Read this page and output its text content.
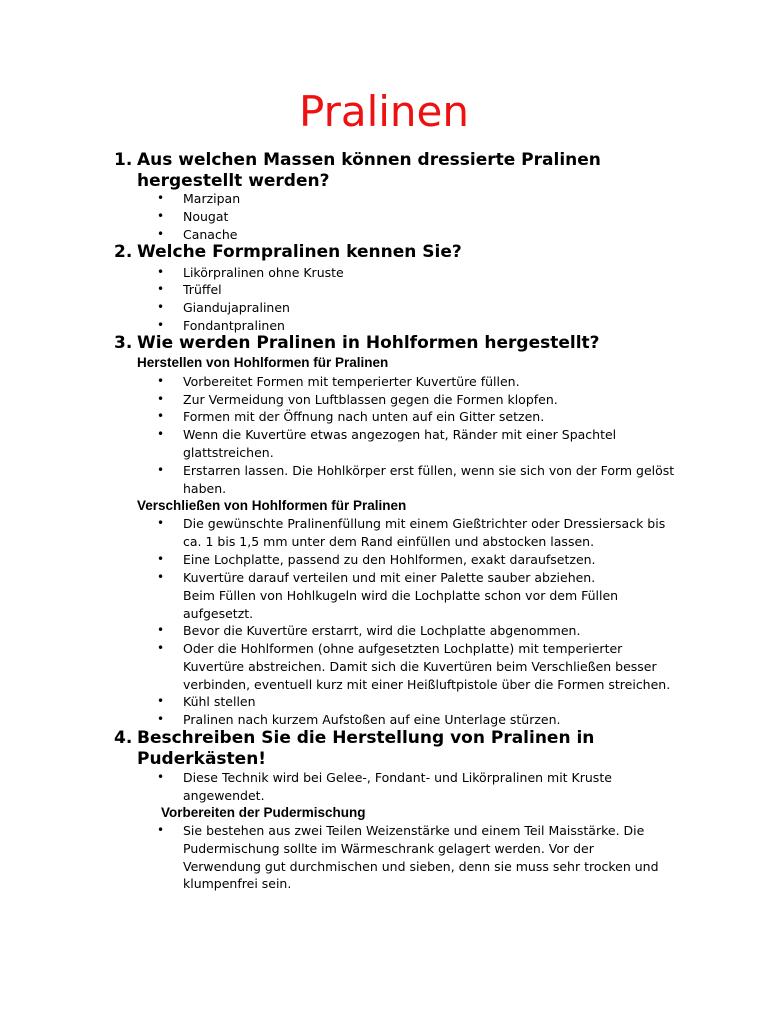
Pralinen
1. Aus welchen Massen können dressierte Pralinen hergestellt werden?
• Marzipan
• Nougat
• Canache
2. Welche Formpralinen kennen Sie?
• Likörpralinen ohne Kruste
• Trüffel
• Giandujapralinen
• Fondantpralinen
3. Wie werden Pralinen in Hohlformen hergestellt?
Herstellen von Hohlformen für Pralinen
• Vorbereitet Formen mit temperierter Kuvertüre füllen.
• Zur Vermeidung von Luftblassen gegen die Formen klopfen.
• Formen mit der Öffnung nach unten auf ein Gitter setzen.
• Wenn die Kuvertüre etwas angezogen hat, Ränder mit einer Spachtel glattstreichen.
• Erstarren lassen. Die Hohlkörper erst füllen, wenn sie sich von der Form gelöst haben.
Verschließen von Hohlformen für Pralinen
• Die gewünschte Pralinenfüllung mit einem Gießtrichter oder Dressiersack bis ca. 1 bis 1,5 mm unter dem Rand einfüllen und abstocken lassen.
• Eine Lochplatte, passend zu den Hohlformen, exakt daraufsetzen.
• Kuvertüre darauf verteilen und mit einer Palette sauber abziehen.
Beim Füllen von Hohlkugeln wird die Lochplatte schon vor dem Füllen aufgesetzt.
• Bevor die Kuvertüre erstarrt, wird die Lochplatte abgenommen.
• Oder die Hohlformen (ohne aufgesetzten Lochplatte) mit temperierter Kuvertüre abstreichen. Damit sich die Kuvertüren beim Verschließen besser verbinden, eventuell kurz mit einer Heißluftpistole über die Formen streichen.
• Kühl stellen
• Pralinen nach kurzem Aufstoßen auf eine Unterlage stürzen.
4. Beschreiben Sie die Herstellung von Pralinen in Puderkästen!
• Diese Technik wird bei Gelee-, Fondant- und Likörpralinen mit Kruste angewendet.
Vorbereiten der Pudermischung
• Sie bestehen aus zwei Teilen Weizenstärke und einem Teil Maisstärke. Die Pudermischung sollte im Wärmeschrank gelagert werden. Vor der Verwendung gut durchmischen und sieben, denn sie muss sehr trocken und klumpenfrei sein.
